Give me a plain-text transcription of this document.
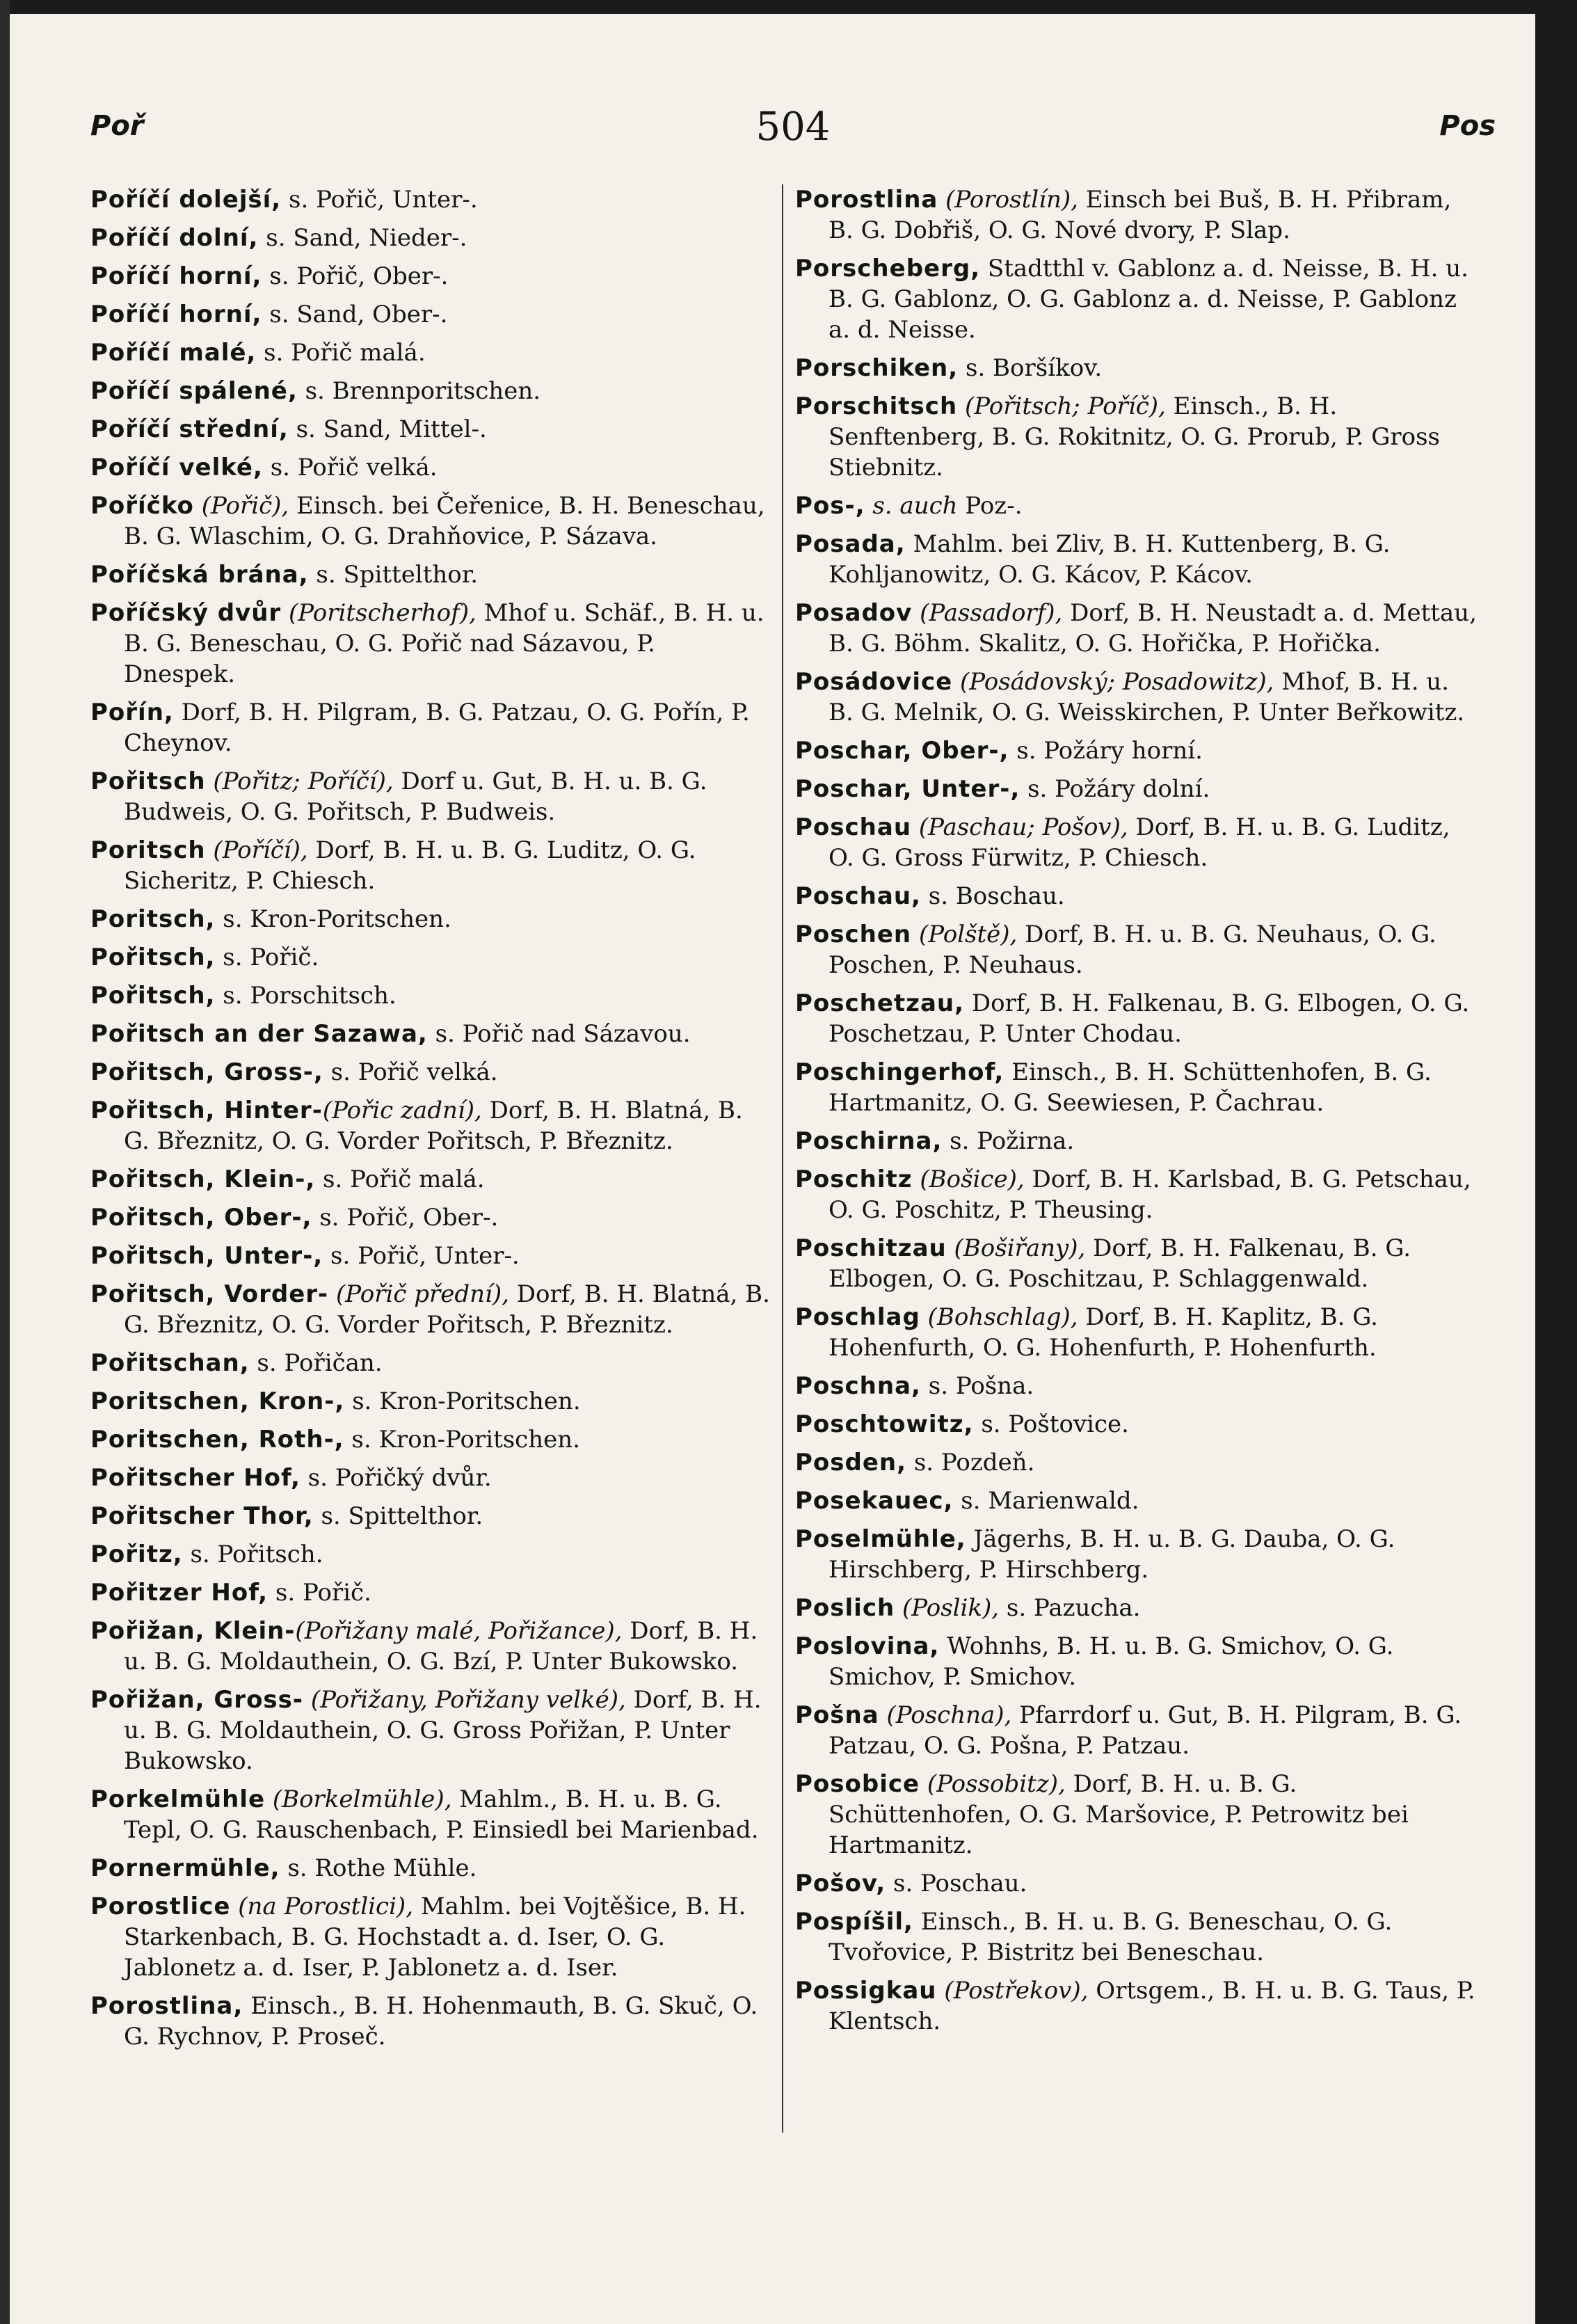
Poř	504	Pos
Poříčí dolejší, s. Pořič, Unter-.
Poříčí dolní, s. Sand, Nieder-.
Poříčí horní, s. Pořič, Ober-.
Poříčí horní, s. Sand, Ober-.
Poříčí malé, s. Pořič malá.
Poříčí spálené, s. Brennporitschen.
Poříčí střední, s. Sand, Mittel-.
Poříčí velké, s. Pořič velká.
Poříčko (Pořič), Einsch. bei Čeřenice, B. H. Beneschau, B. G. Wlaschim, O. G. Drahňovice, P. Sázava.
Poříčská brána, s. Spittelthor.
Poříčský dvůr (Poritscherhof), Mhof u. Schäf., B. H. u. B. G. Beneschau, O. G. Pořič nad Sázavou, P. Dnespek.
Pořín, Dorf, B. H. Pilgram, B. G. Patzau, O. G. Pořín, P. Cheynov.
Pořitsch (Pořitz; Poříčí), Dorf u. Gut, B. H. u. B. G. Budweis, O. G. Pořitsch, P. Budweis.
Poritsch (Poříčí), Dorf, B. H. u. B. G. Luditz, O. G. Sicheritz, P. Chiesch.
Poritsch, s. Kron-Poritschen.
Pořitsch, s. Pořič.
Pořitsch, s. Porschitsch.
Pořitsch an der Sazawa, s. Pořič nad Sázavou.
Pořitsch, Gross-, s. Pořič velká.
Pořitsch, Hinter-(Pořic zadní), Dorf, B. H. Blatná, B. G. Březnitz, O. G. Vorder Pořitsch, P. Březnitz.
Pořitsch, Klein-, s. Pořič malá.
Pořitsch, Ober-, s. Pořič, Ober-.
Pořitsch, Unter-, s. Pořič, Unter-.
Pořitsch, Vorder- (Pořič přední), Dorf, B. H. Blatná, B. G. Březnitz, O. G. Vorder Pořitsch, P. Březnitz.
Pořitschan, s. Pořičan.
Poritschen, Kron-, s. Kron-Poritschen.
Poritschen, Roth-, s. Kron-Poritschen.
Pořitscher Hof, s. Pořičký dvůr.
Pořitscher Thor, s. Spittelthor.
Pořitz, s. Pořitsch.
Pořitzer Hof, s. Pořič.
Pořižan, Klein-(Pořižany malé, Pořižance), Dorf, B. H. u. B. G. Moldauthein, O. G. Bzí, P. Unter Bukowsko.
Pořižan, Gross- (Pořižany, Pořižany velké), Dorf, B. H. u. B. G. Moldauthein, O. G. Gross Pořižan, P. Unter Bukowsko.
Porkelmühle (Borkelmühle), Mahlm., B. H. u. B. G. Tepl, O. G. Rauschenbach, P. Einsiedl bei Marienbad.
Pornermühle, s. Rothe Mühle.
Porostlice (na Porostlici), Mahlm. bei Vojtěšice, B. H. Starkenbach, B. G. Hochstadt a. d. Iser, O. G. Jablonetz a. d. Iser, P. Jablonetz a. d. Iser.
Porostlina, Einsch., B. H. Hohenmauth, B. G. Skuč, O. G. Rychnov, P. Proseč.
Porostlina (Porostlín), Einsch bei Buš, B. H. Přibram, B. G. Dobřiš, O. G. Nové dvory, P. Slap.
Porscheberg, Stadtthl v. Gablonz a. d. Neisse, B. H. u. B. G. Gablonz, O. G. Gablonz a. d. Neisse, P. Gablonz a. d. Neisse.
Porschiken, s. Boršíkov.
Porschitsch (Pořitsch; Poříč), Einsch., B. H. Senftenberg, B. G. Rokitnitz, O. G. Prorub, P. Gross Stiebnitz.
Pos-, s. auch Poz-.
Posada, Mahlm. bei Zliv, B. H. Kuttenberg, B. G. Kohljanowitz, O. G. Kácov, P. Kácov.
Posadov (Passadorf), Dorf, B. H. Neustadt a. d. Mettau, B. G. Böhm. Skalitz, O. G. Hořička, P. Hořička.
Posádovice (Posádovský; Posadowitz), Mhof, B. H. u. B. G. Melnik, O. G. Weisskirchen, P. Unter Beřkowitz.
Poschar, Ober-, s. Požáry horní.
Poschar, Unter-, s. Požáry dolní.
Poschau (Paschau; Pošov), Dorf, B. H. u. B. G. Luditz, O. G. Gross Fürwitz, P. Chiesch.
Poschau, s. Boschau.
Poschen (Polště), Dorf, B. H. u. B. G. Neuhaus, O. G. Poschen, P. Neuhaus.
Poschetzau, Dorf, B. H. Falkenau, B. G. Elbogen, O. G. Poschetzau, P. Unter Chodau.
Poschingerhof, Einsch., B. H. Schüttenhofen, B. G. Hartmanitz, O. G. Seewiesen, P. Čachrau.
Poschirna, s. Požirna.
Poschitz (Bošice), Dorf, B. H. Karlsbad, B. G. Petschau, O. G. Poschitz, P. Theusing.
Poschitzau (Bošiřany), Dorf, B. H. Falkenau, B. G. Elbogen, O. G. Poschitzau, P. Schlaggenwald.
Poschlag (Bohschlag), Dorf, B. H. Kaplitz, B. G. Hohenfurth, O. G. Hohenfurth, P. Hohenfurth.
Poschna, s. Pošna.
Poschtowitz, s. Poštovice.
Posden, s. Pozdeň.
Posekauec, s. Marienwald.
Poselmühle, Jägerhs, B. H. u. B. G. Dauba, O. G. Hirschberg, P. Hirschberg.
Poslich (Poslik), s. Pazucha.
Poslovina, Wohnhs, B. H. u. B. G. Smichov, O. G. Smichov, P. Smichov.
Pošna (Poschna), Pfarrdorf u. Gut, B. H. Pilgram, B. G. Patzau, O. G. Pošna, P. Patzau.
Posobice (Possobitz), Dorf, B. H. u. B. G. Schüttenhofen, O. G. Maršovice, P. Petrowitz bei Hartmanitz.
Pošov, s. Poschau.
Pospíšil, Einsch., B. H. u. B. G. Beneschau, O. G. Tvořovice, P. Bistritz bei Beneschau.
Possigkau (Postřekov), Ortsgem., B. H. u. B. G. Taus, P. Klentsch.
